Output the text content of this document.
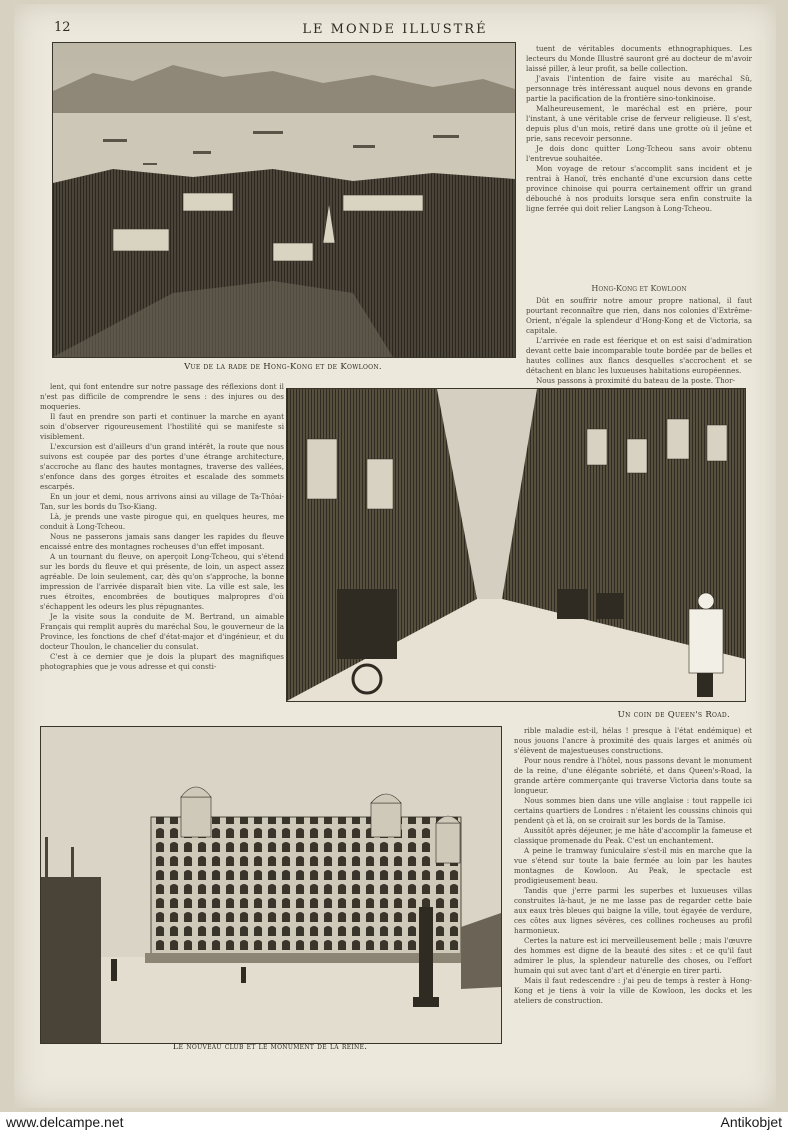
12	LE MONDE ILLUSTRÉ
Vue de la rade de Hong-Kong et de Kowloon.

tuent de véritables documents ethnographiques. Les lecteurs du Monde Illustré sauront gré au docteur de m'avoir laissé piller, à leur profit, sa belle collection.

J'avais l'intention de faire visite au maréchal Sû, personnage très intéressant auquel nous devons en grande partie la pacification de la frontière sino-tonkinoise.

Malheureusement, le maréchal est en prière, pour l'instant, à une véritable crise de ferveur religieuse. Il s'est, depuis plus d'un mois, retiré dans une grotte où il jeûne et prie, sans recevoir personne.

Je dois donc quitter Long-Tcheou sans avoir obtenu l'entrevue souhaitée.

Mon voyage de retour s'accomplit sans incident et je rentrai à Hanoï, très enchanté d'une excursion dans cette province chinoise qui pourra certainement offrir un grand débouché à nos produits lorsque sera enfin construite la ligne ferrée qui doit relier Langson à Long-Tcheou.

Hong-Kong et Kowloon

Dût en souffrir notre amour propre national, il faut pourtant reconnaître que rien, dans nos colonies d'Extrême-Orient, n'égale la splendeur d'Hong-Kong et de Victoria, sa capitale.

L'arrivée en rade est féerique et on est saisi d'admiration devant cette baie incomparable toute bordée par de belles et hautes collines aux flancs desquelles s'accrochent et se détachent en blanc les luxueuses habitations européennes.

Nous passons à proximité du bateau de la poste. Thor-

lent, qui font entendre sur notre passage des réflexions dont il n'est pas difficile de comprendre le sens : des injures ou des moqueries.

Il faut en prendre son parti et continuer la marche en ayant soin d'observer rigoureusement l'hostilité qui se manifeste si visiblement.

L'excursion est d'ailleurs d'un grand intérêt, la route que nous suivons est coupée par des portes d'une étrange architecture, s'accroche au flanc des hautes montagnes, traverse des vallées, s'enfonce dans des gorges étroites et escalade des sommets escarpés.

En un jour et demi, nous arrivons ainsi au village de Ta-Thôai-Tan, sur les bords du Tso-Kiang.

Là, je prends une vaste pirogue qui, en quelques heures, me conduit à Long-Tcheou.

Nous ne passerons jamais sans danger les rapides du fleuve encaissé entre des montagnes rocheuses d'un effet imposant.

A un tournant du fleuve, on aperçoit Long-Tcheou, qui s'étend sur les bords du fleuve et qui présente, de loin, un aspect assez agréable. De loin seulement, car, dès qu'on s'approche, la bonne impression de l'arrivée disparaît bien vite. La ville est sale, les rues étroites, encombrées de boutiques malpropres d'où s'échappent les odeurs les plus répugnantes.

Je la visite sous la conduite de M. Bertrand, un aimable Français qui remplit auprès du maréchal Sou, le gouverneur de la Province, les fonctions de chef d'état-major et d'ingénieur, et du docteur Thoulon, le chancelier du consulat.

C'est à ce dernier que je dois la plupart des magnifiques photographies que je vous adresse et qui consti-

Un coin de Queen's Road.
Le nouveau club et le monument de la reine.

rible maladie est-il, hélas ! presque à l'état endémique) et nous jouons l'ancre à proximité des quais larges et animés où s'élèvent de majestueuses constructions.

Pour nous rendre à l'hôtel, nous passons devant le monument de la reine, d'une élégante sobriété, et dans Queen's-Road, la grande artère commerçante qui traverse Victoria dans toute sa longueur.

Nous sommes bien dans une ville anglaise : tout rappelle ici certains quartiers de Londres : n'étaient les coussins chinois qui pendent çà et là, on se croirait sur les bords de la Tamise.

Aussitôt après déjeuner, je me hâte d'accomplir la fameuse et classique promenade du Peak. C'est un enchantement.

A peine le tramway funiculaire s'est-il mis en marche que la vue s'étend sur toute la baie fermée au loin par les hautes montagnes de Kowloon. Au Peak, le spectacle est prodigieusement beau.

Tandis que j'erre parmi les superbes et luxueuses villas construites là-haut, je ne me lasse pas de regarder cette baie aux eaux très bleues qui baigne la ville, tout égayée de verdure, ces côtes aux lignes sévères, ces collines rocheuses au profil harmonieux.

Certes la nature est ici merveilleusement belle ; mais l'œuvre des hommes est digne de la beauté des sites : et ce qu'il faut admirer le plus, la splendeur naturelle des choses, ou l'effort humain qui sut avec tant d'art et d'énergie en tirer parti.

Mais il faut redescendre : j'ai peu de temps à rester à Hong-Kong et je tiens à voir la ville de Kowloon, les docks et les ateliers de construction.

www.delcampe.net	Antikobjet
